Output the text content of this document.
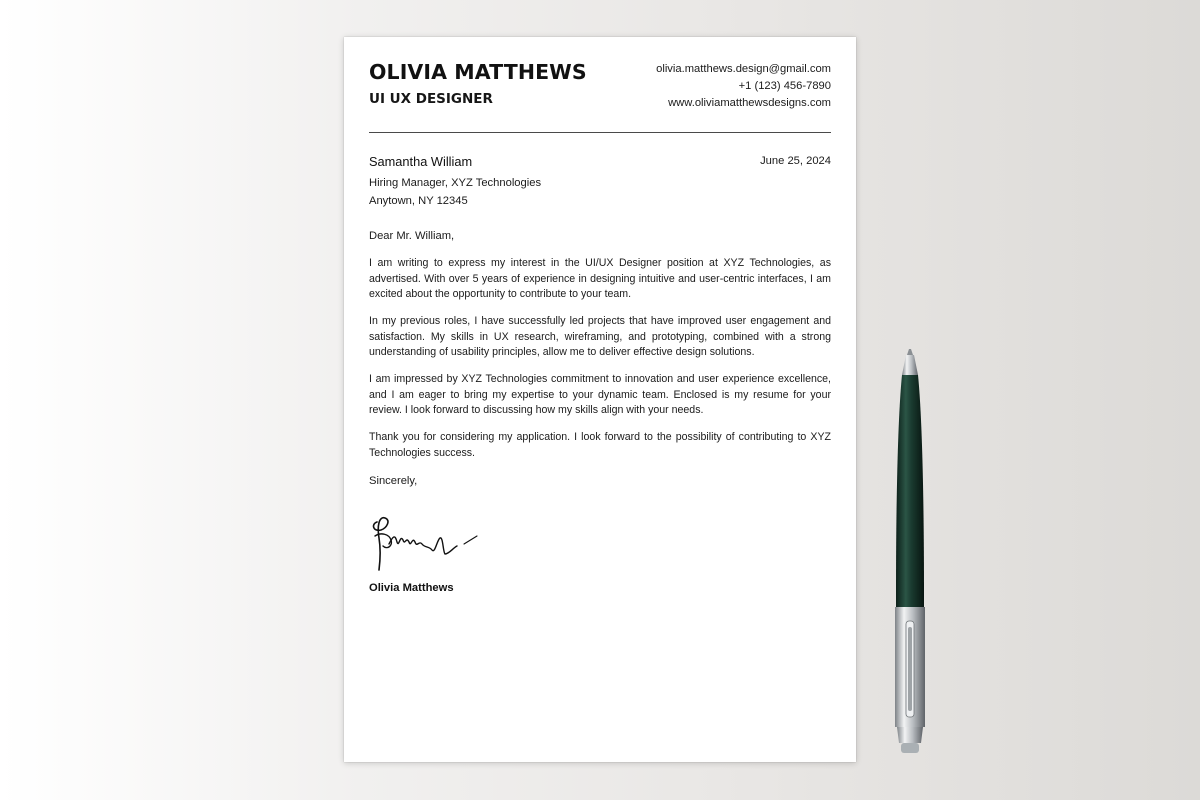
OLIVIA MATTHEWS
UI UX DESIGNER
olivia.matthews.design@gmail.com
+1 (123) 456-7890
www.oliviamatthewsdesigns.com
Samantha William	June 25, 2024
Hiring Manager, XYZ Technologies
Anytown, NY 12345
Dear Mr. William,

I am writing to express my interest in the UI/UX Designer position at XYZ Technologies, as advertised. With over 5 years of experience in designing intuitive and user-centric interfaces, I am excited about the opportunity to contribute to your team.

In my previous roles, I have successfully led projects that have improved user engagement and satisfaction. My skills in UX research, wireframing, and prototyping, combined with a strong understanding of usability principles, allow me to deliver effective design solutions.

I am impressed by XYZ Technologies commitment to innovation and user experience excellence, and I am eager to bring my expertise to your dynamic team. Enclosed is my resume for your review. I look forward to discussing how my skills align with your needs.

Thank you for considering my application. I look forward to the possibility of contributing to XYZ Technologies success.

Sincerely,
Olivia Matthews
